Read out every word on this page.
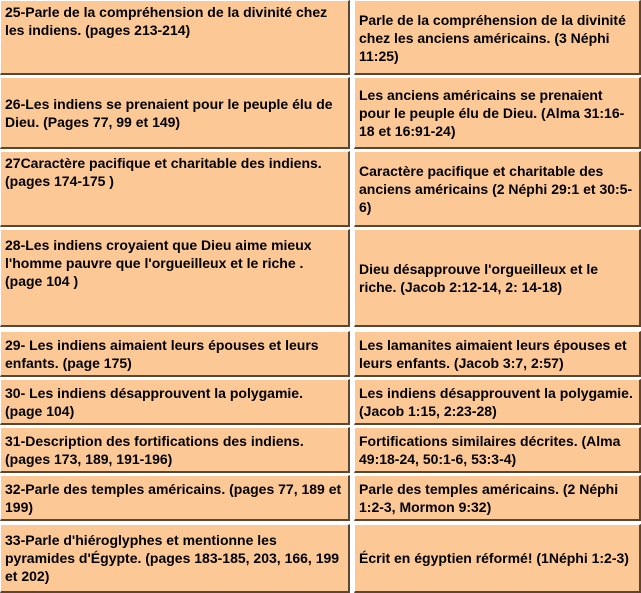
25-Parle de la compréhension de la divinité chez les indiens. (pages 213-214)
Parle de la compréhension de la divinité chez les anciens américains. (3 Néphi 11:25)
26-Les indiens se prenaient pour le peuple élu de Dieu. (Pages 77, 99 et 149)
Les anciens américains se prenaient pour le peuple élu de Dieu. (Alma 31:16-18 et 16:91-24)
27Caractère pacifique et charitable des indiens. (pages 174-175 )
Caractère pacifique et charitable des anciens américains (2 Néphi 29:1 et 30:5-6)
28-Les indiens croyaient que Dieu aime mieux l'homme pauvre que l'orgueilleux et le riche . (page 104 )
Dieu désapprouve l'orgueilleux et le riche. (Jacob 2:12-14, 2: 14-18)
29- Les indiens aimaient leurs épouses et leurs enfants. (page 175)
Les lamanites aimaient leurs épouses et leurs enfants. (Jacob 3:7, 2:57)
30- Les indiens désapprouvent la polygamie. (page 104)
Les indiens désapprouvent la polygamie. (Jacob 1:15, 2:23-28)
31-Description des fortifications des indiens. (pages 173, 189, 191-196)
Fortifications similaires décrites. (Alma 49:18-24, 50:1-6, 53:3-4)
32-Parle des temples américains. (pages 77, 189 et 199)
Parle des temples américains. (2 Néphi 1:2-3, Mormon 9:32)
33-Parle d'hiéroglyphes et mentionne les pyramides d'Égypte. (pages 183-185, 203, 166, 199 et 202)
Écrit en égyptien réformé! (1Néphi 1:2-3)
